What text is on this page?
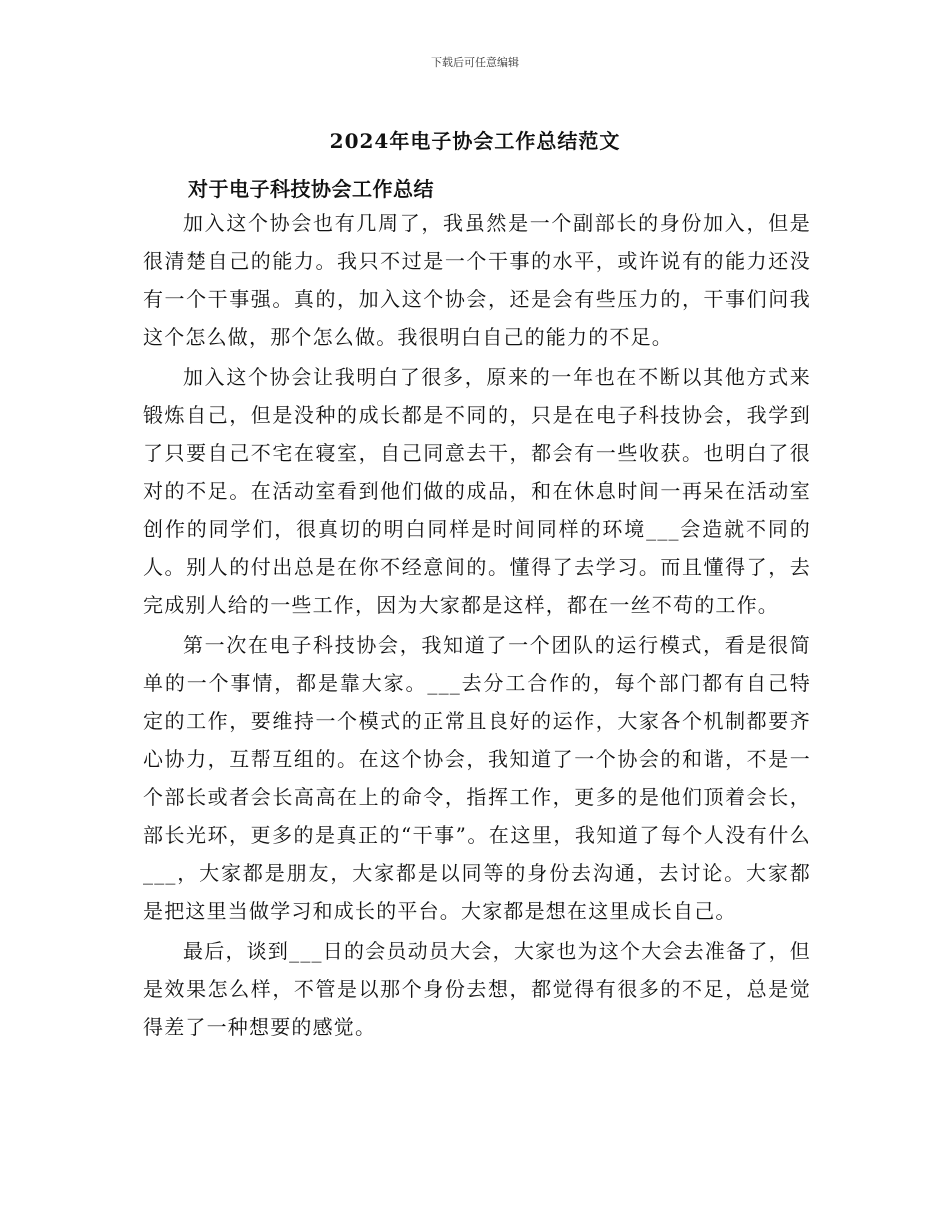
下载后可任意编辑
2024年电子协会工作总结范文
对于电子科技协会工作总结

加入这个协会也有几周了，我虽然是一个副部长的身份加入，但是很清楚自己的能力。我只不过是一个干事的水平，或许说有的能力还没有一个干事强。真的，加入这个协会，还是会有些压力的，干事们问我这个怎么做，那个怎么做。我很明白自己的能力的不足。

加入这个协会让我明白了很多，原来的一年也在不断以其他方式来锻炼自己，但是没种的成长都是不同的，只是在电子科技协会，我学到了只要自己不宅在寝室，自己同意去干，都会有一些收获。也明白了很对的不足。在活动室看到他们做的成品，和在休息时间一再呆在活动室创作的同学们，很真切的明白同样是时间同样的环境___会造就不同的人。别人的付出总是在你不经意间的。懂得了去学习。而且懂得了，去完成别人给的一些工作，因为大家都是这样，都在一丝不苟的工作。

第一次在电子科技协会，我知道了一个团队的运行模式，看是很简单的一个事情，都是靠大家。___去分工合作的，每个部门都有自己特定的工作，要维持一个模式的正常且良好的运作，大家各个机制都要齐心协力，互帮互组的。在这个协会，我知道了一个协会的和谐，不是一个部长或者会长高高在上的命令，指挥工作，更多的是他们顶着会长，部长光环，更多的是真正的“干事”。在这里，我知道了每个人没有什么___，大家都是朋友，大家都是以同等的身份去沟通，去讨论。大家都是把这里当做学习和成长的平台。大家都是想在这里成长自己。

最后，谈到___日的会员动员大会，大家也为这个大会去准备了，但是效果怎么样，不管是以那个身份去想，都觉得有很多的不足，总是觉得差了一种想要的感觉。
